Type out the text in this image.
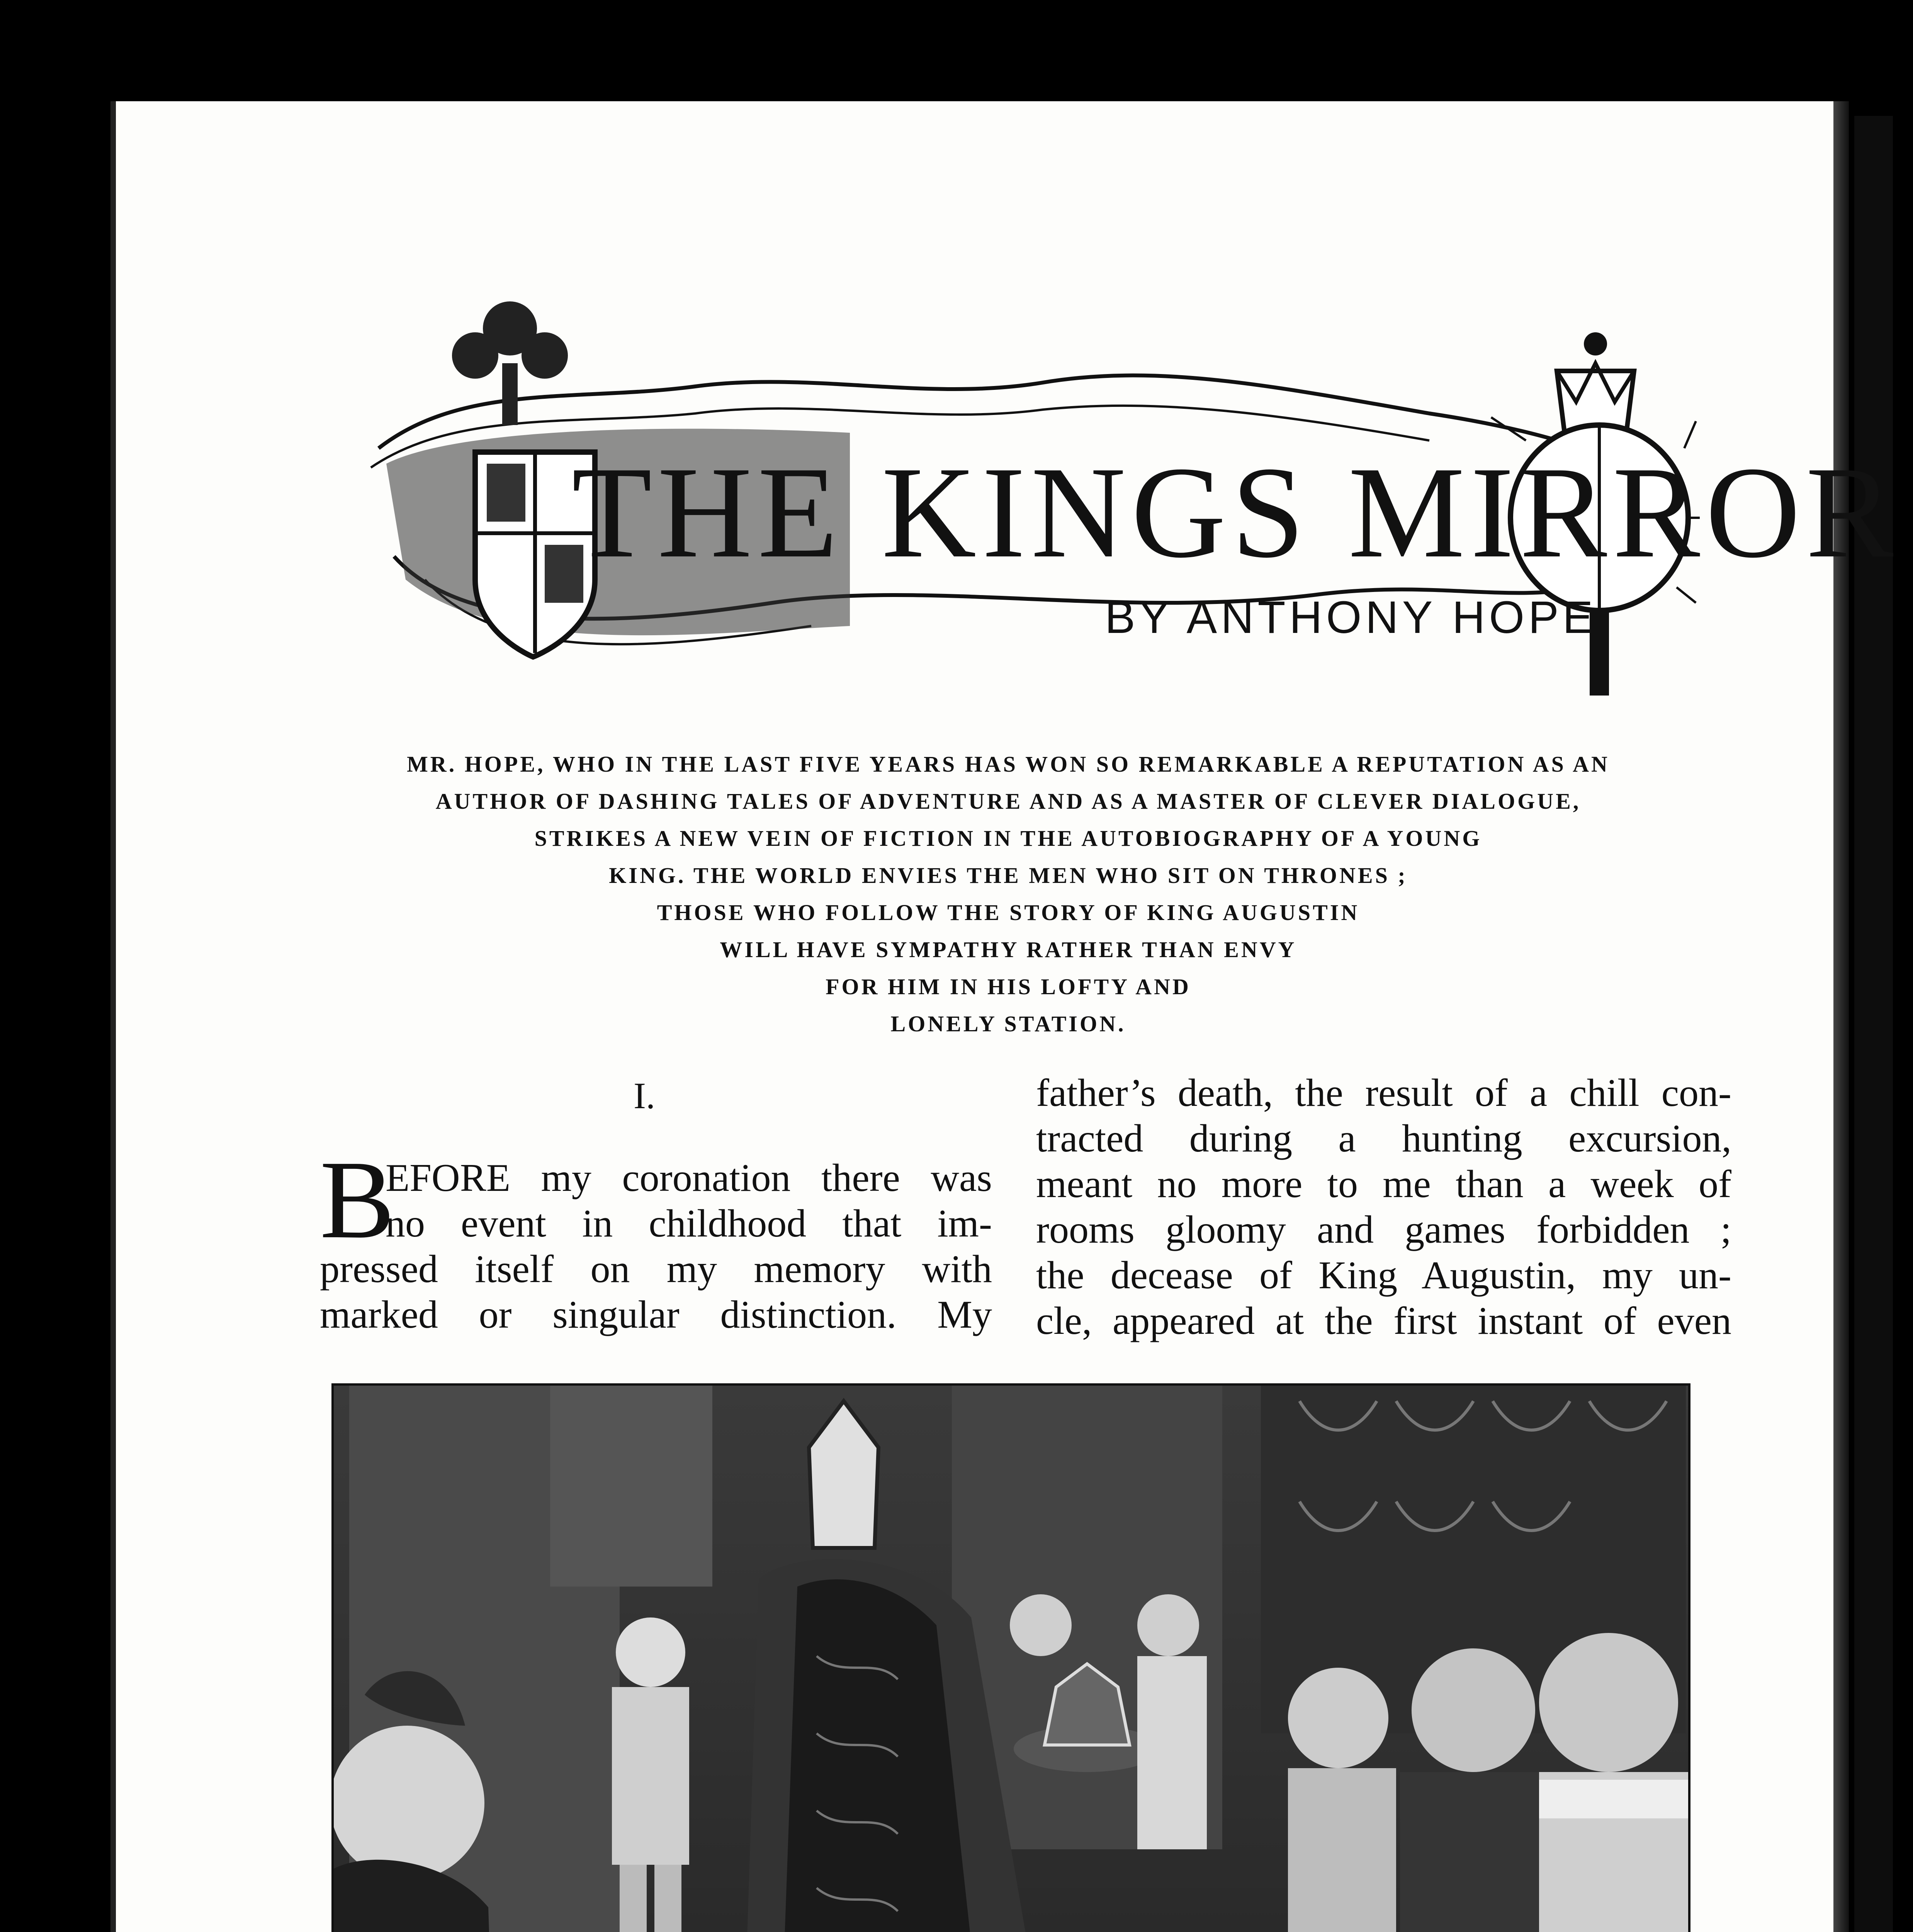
THE KINGS MIRROR
BY ANTHONY HOPE
MR. HOPE, WHO IN THE LAST FIVE YEARS HAS WON SO REMARKABLE A REPUTATION AS AN
AUTHOR OF DASHING TALES OF ADVENTURE AND AS A MASTER OF CLEVER DIALOGUE,
STRIKES A NEW VEIN OF FICTION IN THE AUTOBIOGRAPHY OF A YOUNG
KING. THE WORLD ENVIES THE MEN WHO SIT ON THRONES ;
THOSE WHO FOLLOW THE STORY OF KING AUGUSTIN
WILL HAVE SYMPATHY RATHER THAN ENVY
FOR HIM IN HIS LOFTY AND
LONELY STATION.
I.
B
EFORE my coronation there was
no event in childhood that im-
pressed itself on my memory with
marked or singular distinction. My
father’s death, the result of a chill con-
tracted during a hunting excursion,
meant no more to me than a week of
rooms gloomy and games forbidden ;
the decease of King Augustin, my un-
cle, appeared at the first instant of even
